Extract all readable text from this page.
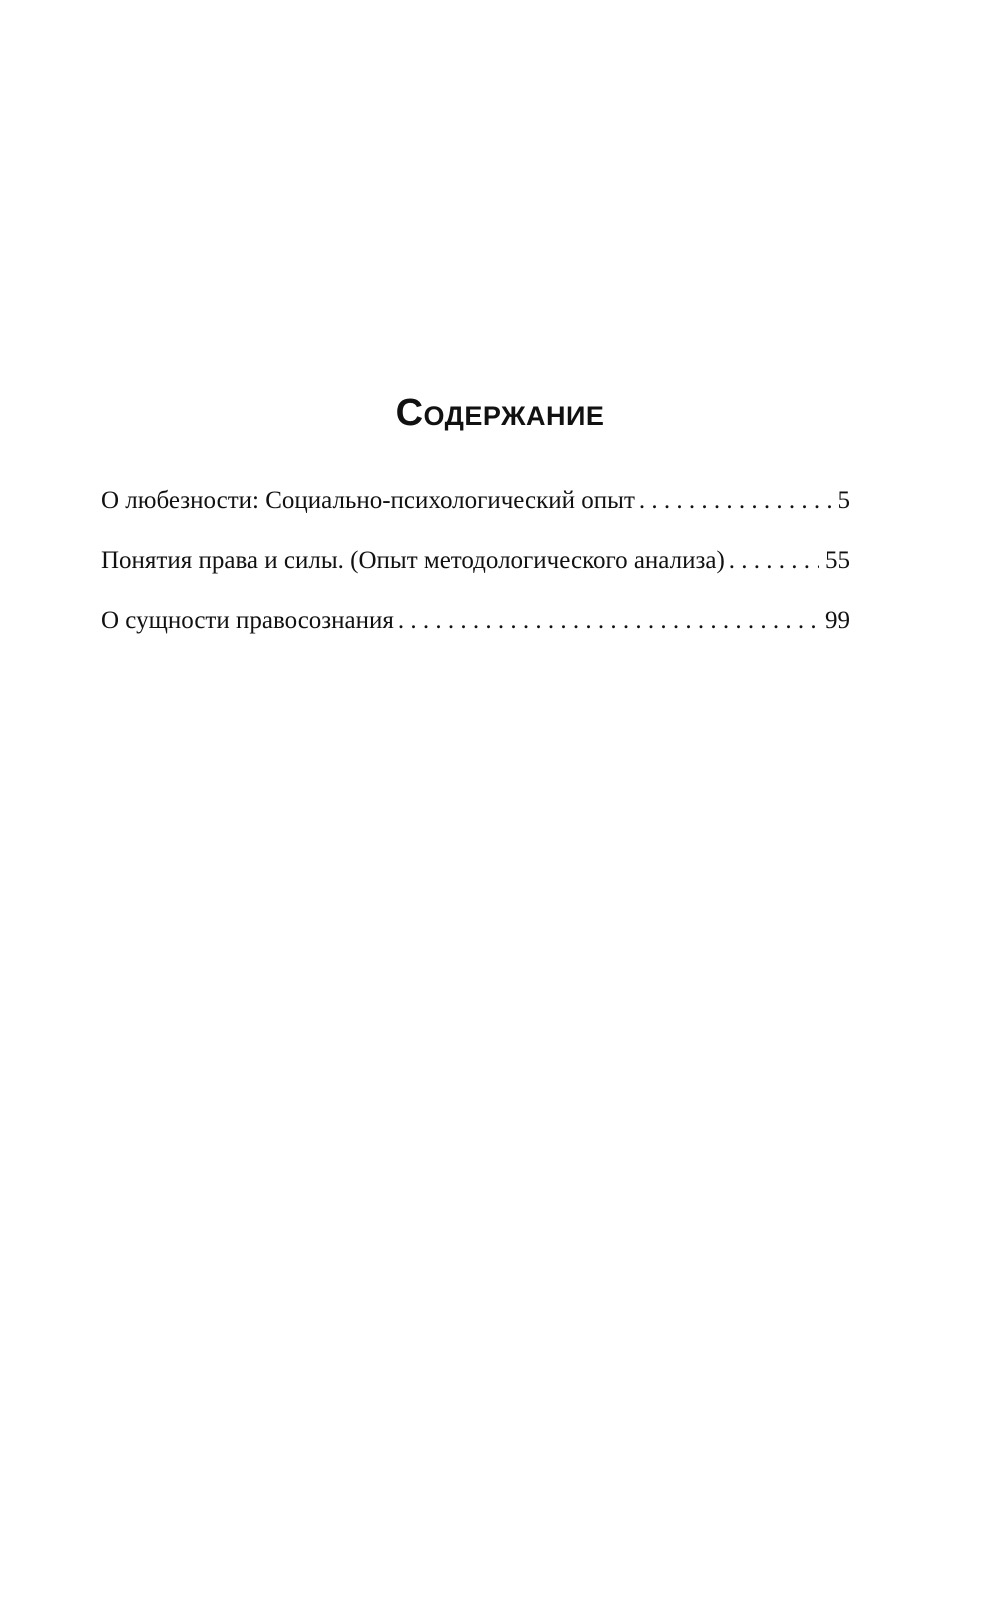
Содержание
О любезности: Социально-психологический опыт . . .	5
Понятия права и силы. (Опыт методологического анализа) . . .	55
О сущности правосознания . . .	99
